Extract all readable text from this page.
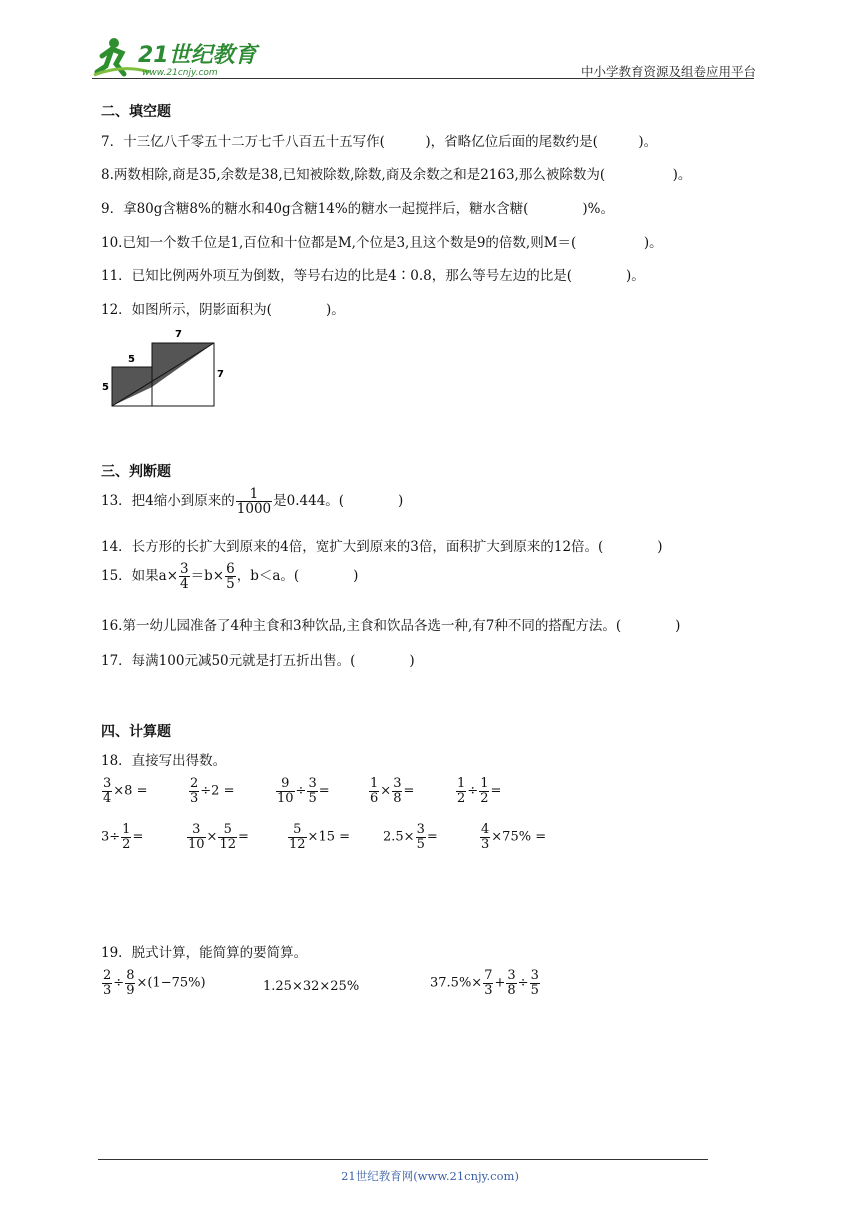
21世纪教育
www.21cnjy.com	中小学教育资源及组卷应用平台
二、填空题
7．十三亿八千零五十二万七千八百五十五写作(　　　)，省略亿位后面的尾数约是(　　　)。
8.两数相除,商是35,余数是38,已知被除数,除数,商及余数之和是2163,那么被除数为(　　　　　)。
9．拿80g含糖8%的糖水和40g含糖14%的糖水一起搅拌后，糖水含糖(　　　　)%。
10.已知一个数千位是1,百位和十位都是M,个位是3,且这个数是9的倍数,则M＝(　　　　　)。
11．已知比例两外项互为倒数，等号右边的比是4∶0.8，那么等号左边的比是(　　　　)。
12．如图所示，阴影面积为(　　　　)。
7
5
5
7
三、判断题
13．把4缩小到原来的 $\frac{1}{1000}$ 是0.444。(　　　　)
14．长方形的长扩大到原来的4倍，宽扩大到原来的3倍，面积扩大到原来的12倍。(　　　　)
15．如果$a\times \frac{3}{4} =b\times \frac{6}{5}$ ，b＜a。(　　　　)
16.第一幼儿园准备了4种主食和3种饮品,主食和饮品各选一种,有7种不同的搭配方法。(　　　　)
17．每满100元减50元就是打五折出售。(　　　　)
四、计算题
18．直接写出得数。
$\frac{3}{4} \times 8$ =	$\frac{2}{3} \div 2$ =	$\frac{9}{10} \div \frac{3}{5}$ =	$\frac{1}{6} \times \frac{3}{8}$ =	$\frac{1}{2} \div \frac{1}{2}$ =
$3\div \frac{1}{2}$ =	$\frac{3}{10} \times \frac{5}{12}$ =	$\frac{5}{12} \times 15$ =	$2.5\times \frac{3}{5}$ =	$\frac{4}{3} \times 75\%$ =
19．脱式计算，能简算的要简算。
$\frac{2}{3} \div \frac{8}{9} \times(1-75\%)$	1.25×32×25%	$37.5\%\times \frac{7}{3} + \frac{3}{8} \div \frac{3}{5}$
21世纪教育网(www.21cnjy.com)
